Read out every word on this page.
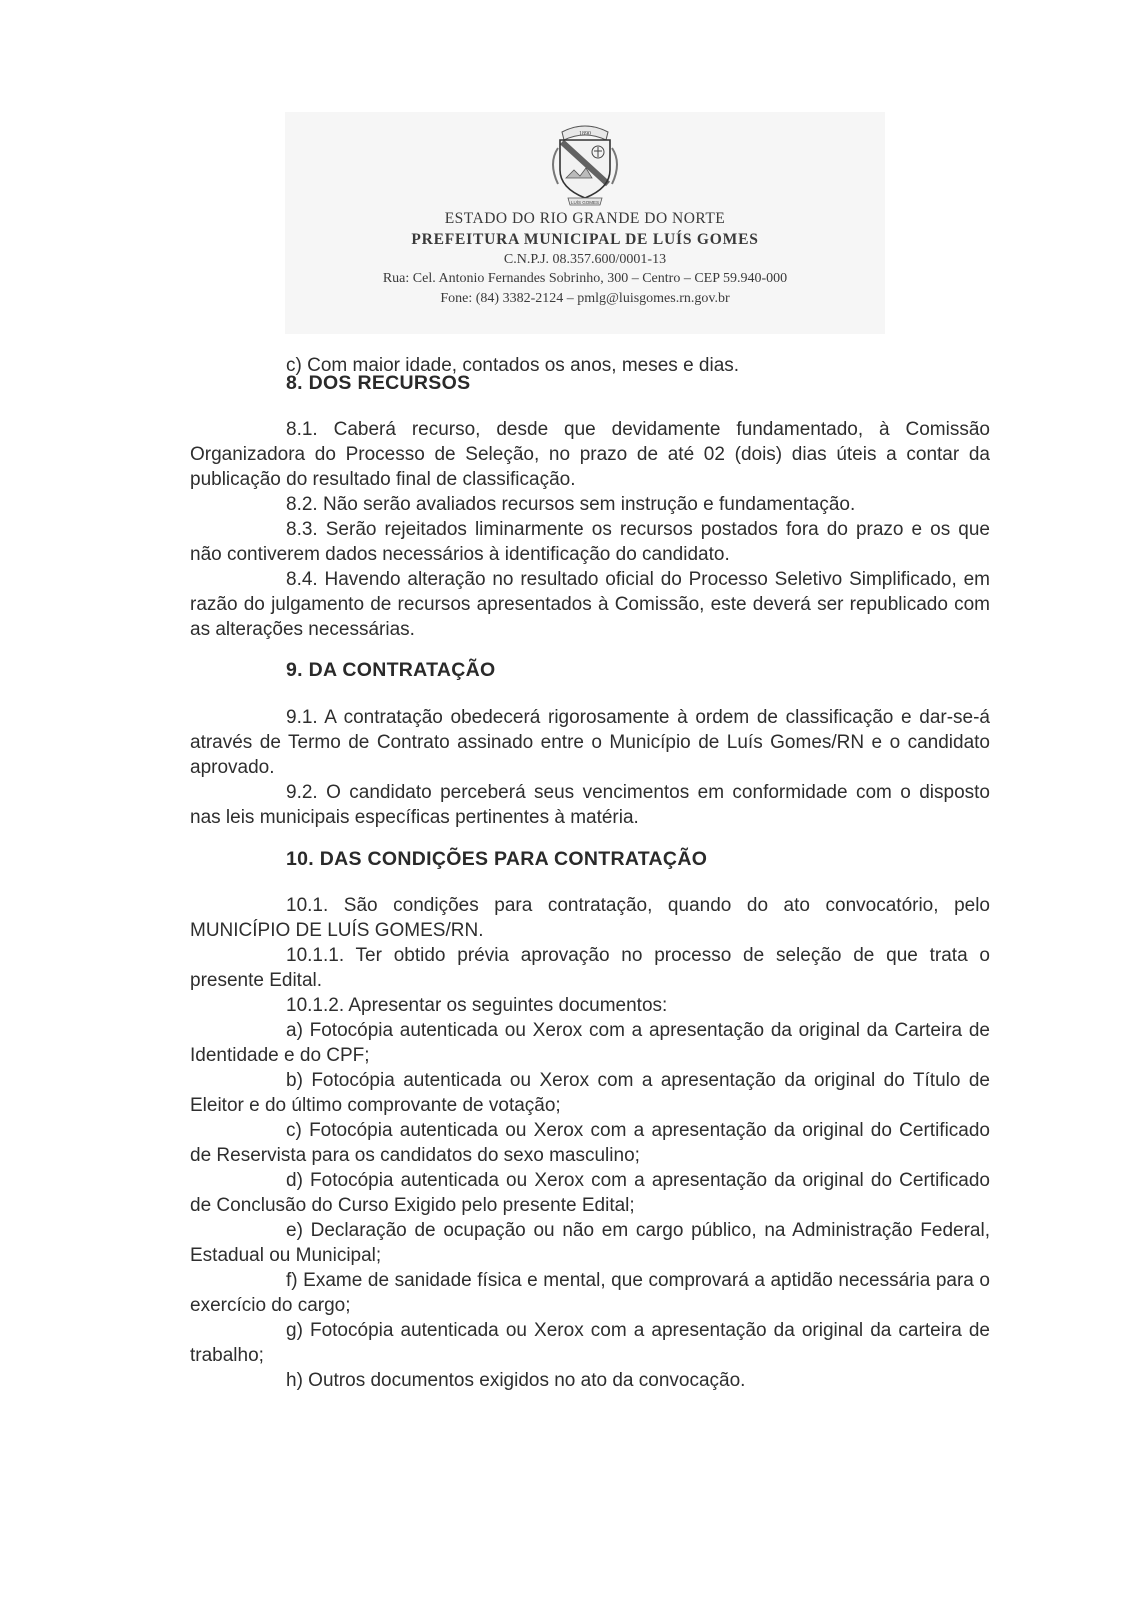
1890
LUÍS GOMES
ESTADO DO RIO GRANDE DO NORTE
PREFEITURA MUNICIPAL DE LUÍS GOMES
C.N.P.J. 08.357.600/0001-13
Rua: Cel. Antonio Fernandes Sobrinho, 300 – Centro – CEP 59.940-000
Fone: (84) 3382-2124 – pmlg@luisgomes.rn.gov.br

c) Com maior idade, contados os anos, meses e dias.

8. DOS RECURSOS

8.1. Caberá recurso, desde que devidamente fundamentado, à Comissão Organizadora do Processo de Seleção, no prazo de até 02 (dois) dias úteis a contar da publicação do resultado final de classificação.

8.2. Não serão avaliados recursos sem instrução e fundamentação.

8.3. Serão rejeitados liminarmente os recursos postados fora do prazo e os que não contiverem dados necessários à identificação do candidato.

8.4. Havendo alteração no resultado oficial do Processo Seletivo Simplificado, em razão do julgamento de recursos apresentados à Comissão, este deverá ser republicado com as alterações necessárias.

9. DA CONTRATAÇÃO

9.1. A contratação obedecerá rigorosamente à ordem de classificação e dar-se-á através de Termo de Contrato assinado entre o Município de Luís Gomes/RN e o candidato aprovado.

9.2. O candidato perceberá seus vencimentos em conformidade com o disposto nas leis municipais específicas pertinentes à matéria.

10. DAS CONDIÇÕES PARA CONTRATAÇÃO

10.1. São condições para contratação, quando do ato convocatório, pelo MUNICÍPIO DE LUÍS GOMES/RN.

10.1.1. Ter obtido prévia aprovação no processo de seleção de que trata o presente Edital.

10.1.2. Apresentar os seguintes documentos:

a) Fotocópia autenticada ou Xerox com a apresentação da original da Carteira de Identidade e do CPF;

b) Fotocópia autenticada ou Xerox com a apresentação da original do Título de Eleitor e do último comprovante de votação;

c) Fotocópia autenticada ou Xerox com a apresentação da original do Certificado de Reservista para os candidatos do sexo masculino;

d) Fotocópia autenticada ou Xerox com a apresentação da original do Certificado de Conclusão do Curso Exigido pelo presente Edital;

e) Declaração de ocupação ou não em cargo público, na Administração Federal, Estadual ou Municipal;

f) Exame de sanidade física e mental, que comprovará a aptidão necessária para o exercício do cargo;

g) Fotocópia autenticada ou Xerox com a apresentação da original da carteira de trabalho;

h) Outros documentos exigidos no ato da convocação.
